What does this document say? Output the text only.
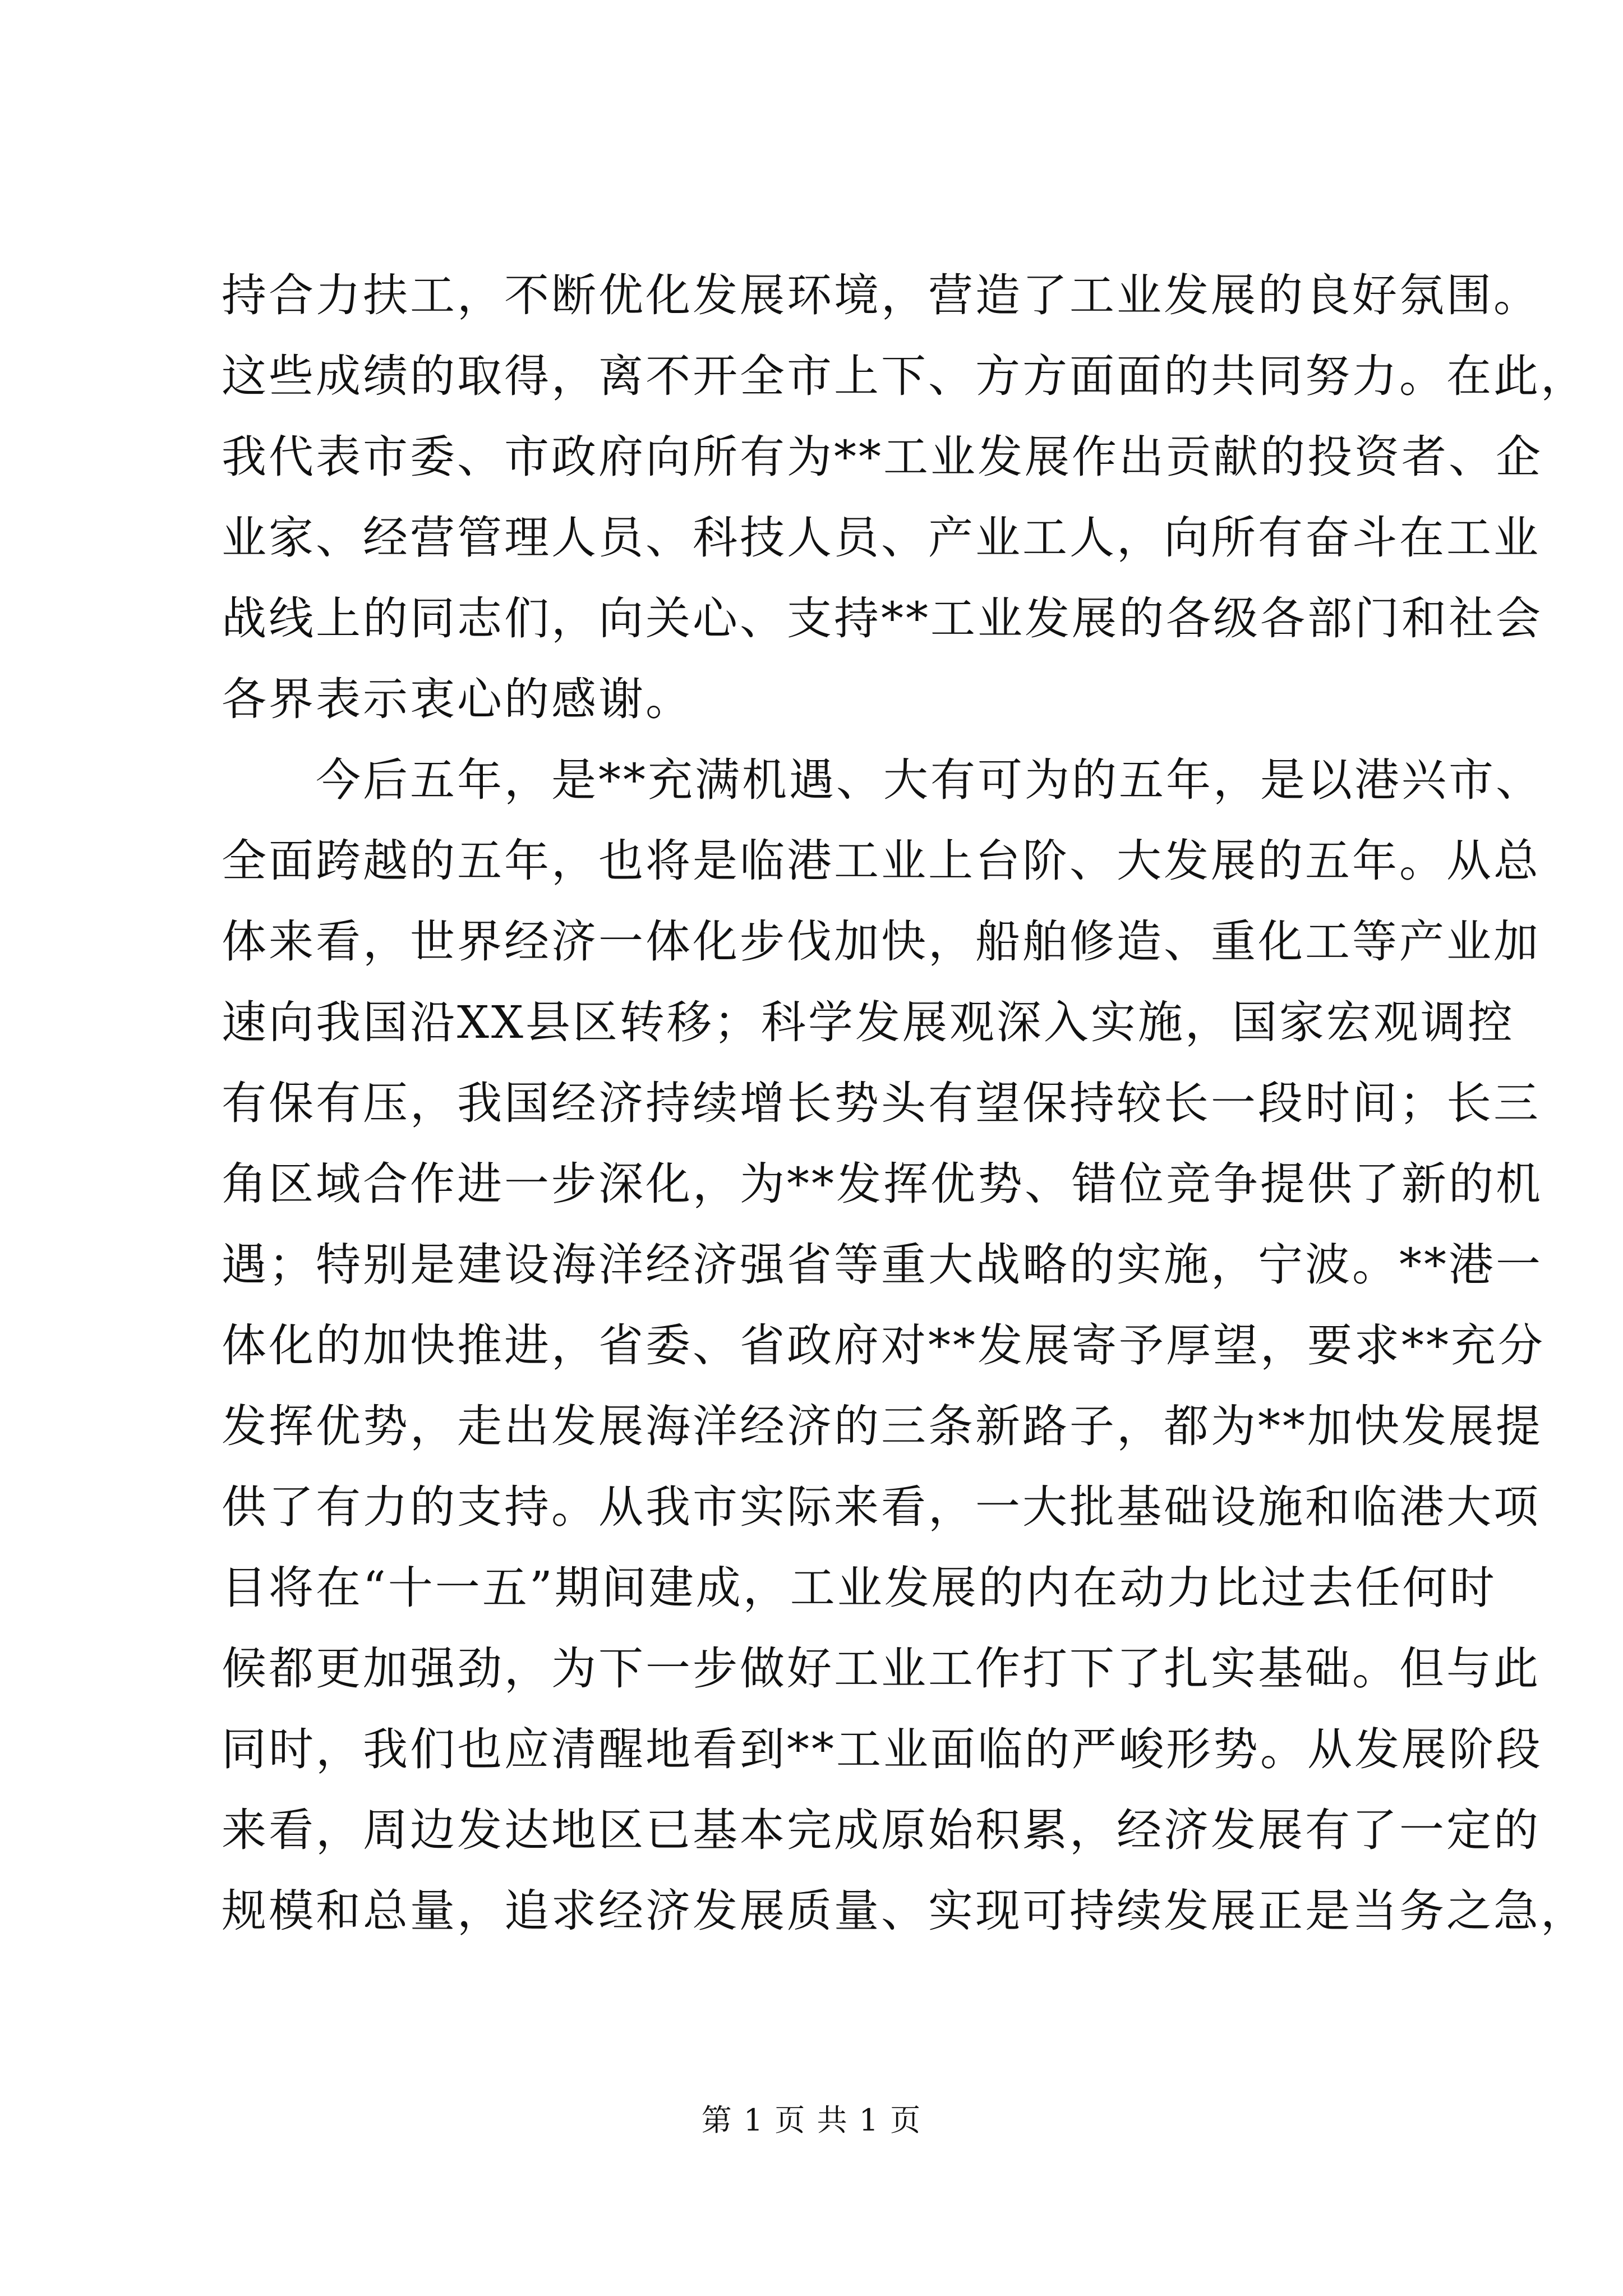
持合力扶工，不断优化发展环境，营造了工业发展的良好氛围。
这些成绩的取得，离不开全市上下、方方面面的共同努力。在此，
我代表市委、市政府向所有为**工业发展作出贡献的投资者、企
业家、经营管理人员、科技人员、产业工人，向所有奋斗在工业
战线上的同志们，向关心、支持**工业发展的各级各部门和社会
各界表示衷心的感谢。
　　今后五年，是**充满机遇、大有可为的五年，是以港兴市、
全面跨越的五年，也将是临港工业上台阶、大发展的五年。从总
体来看，世界经济一体化步伐加快，船舶修造、重化工等产业加
速向我国沿XX县区转移；科学发展观深入实施，国家宏观调控
有保有压，我国经济持续增长势头有望保持较长一段时间；长三
角区域合作进一步深化，为**发挥优势、错位竞争提供了新的机
遇；特别是建设海洋经济强省等重大战略的实施，宁波。**港一
体化的加快推进，省委、省政府对**发展寄予厚望，要求**充分
发挥优势，走出发展海洋经济的三条新路子，都为**加快发展提
供了有力的支持。从我市实际来看，一大批基础设施和临港大项
目将在“十一五”期间建成，工业发展的内在动力比过去任何时
候都更加强劲，为下一步做好工业工作打下了扎实基础。但与此
同时，我们也应清醒地看到**工业面临的严峻形势。从发展阶段
来看，周边发达地区已基本完成原始积累，经济发展有了一定的
规模和总量，追求经济发展质量、实现可持续发展正是当务之急，
第 1 页 共 1 页
